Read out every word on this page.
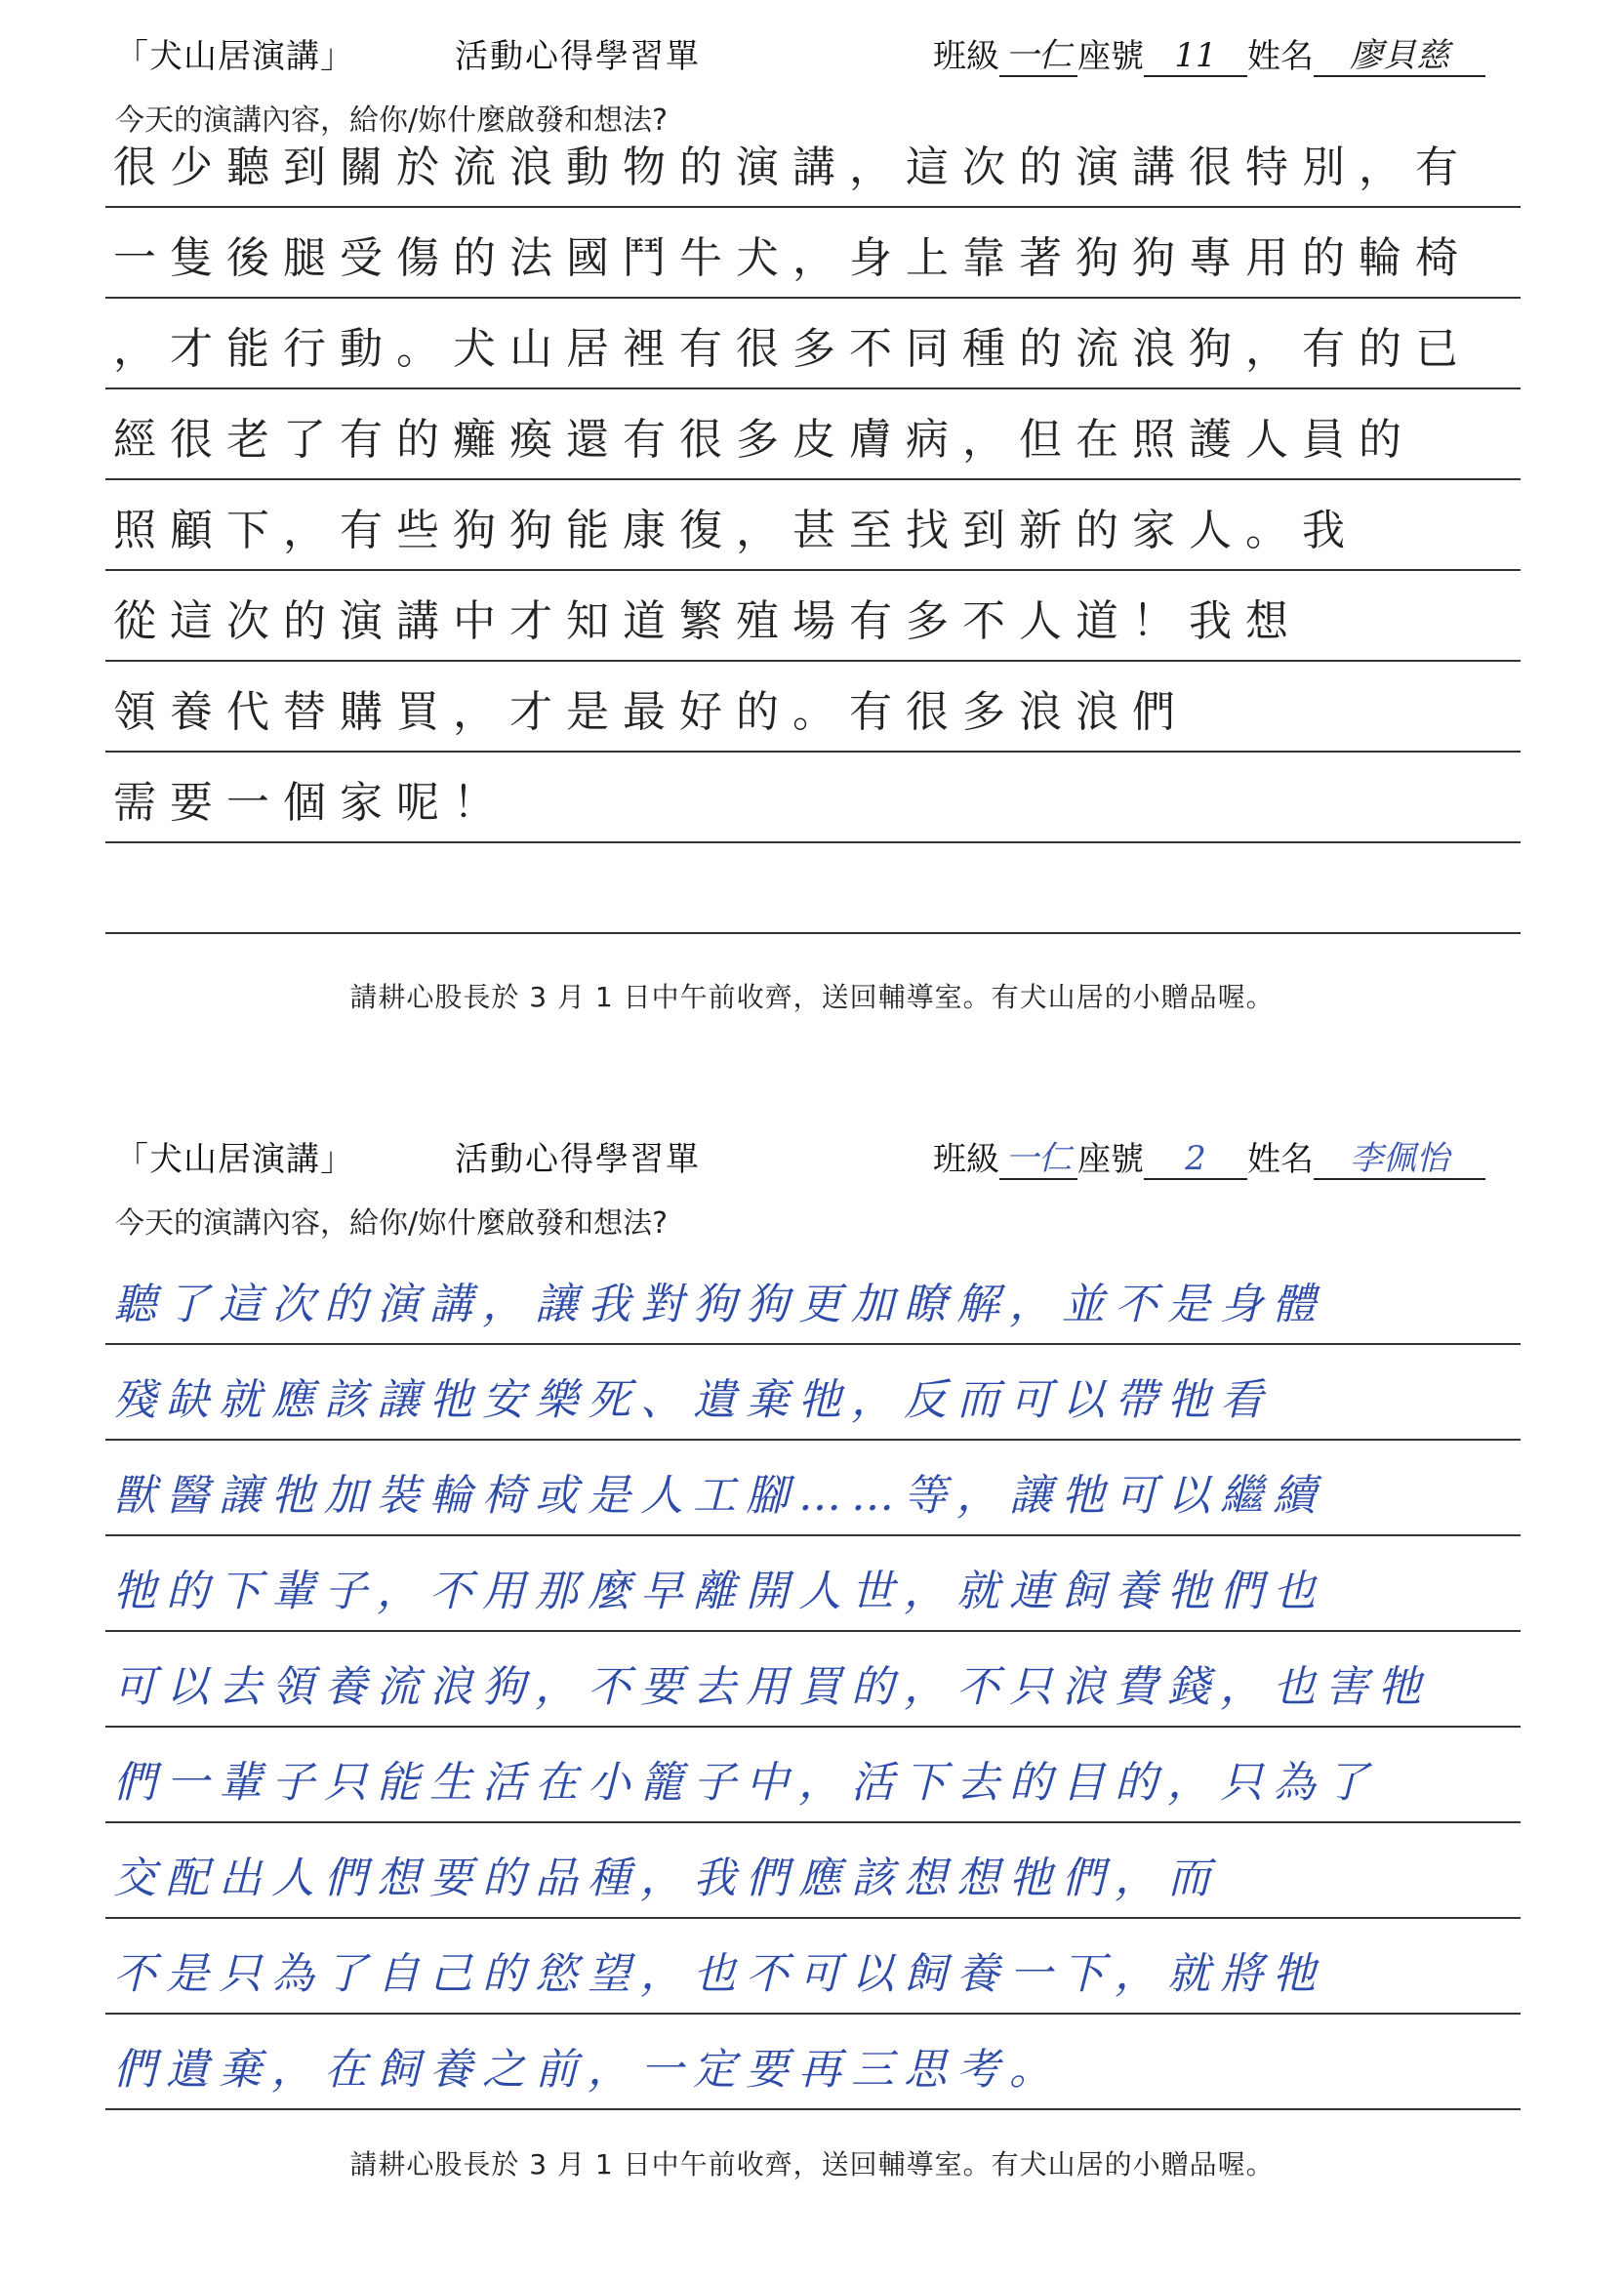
「犬山居演講」	活動心得學習單	班級 一仁 座號 11 姓名 廖貝慈
今天的演講內容，給你/妳什麼啟發和想法?
很少聽到關於流浪動物的演講，這次的演講很特別，有
一隻後腿受傷的法國鬥牛犬，身上靠著狗狗專用的輪椅
，才能行動。犬山居裡有很多不同種的流浪狗，有的已
經很老了有的癱瘓還有很多皮膚病，但在照護人員的
照顧下，有些狗狗能康復，甚至找到新的家人。我
從這次的演講中才知道繁殖場有多不人道！我想
領養代替購買，才是最好的。有很多浪浪們
需要一個家呢！
請耕心股長於 3 月 1 日中午前收齊，送回輔導室。有犬山居的小贈品喔。
「犬山居演講」	活動心得學習單	班級 一仁 座號 2 姓名 李佩怡
今天的演講內容，給你/妳什麼啟發和想法?
聽了這次的演講，讓我對狗狗更加瞭解，並不是身體
殘缺就應該讓牠安樂死、遺棄牠，反而可以帶牠看
獸醫讓牠加裝輪椅或是人工腳……等，讓牠可以繼續
牠的下輩子，不用那麼早離開人世，就連飼養牠們也
可以去領養流浪狗，不要去用買的，不只浪費錢，也害牠
們一輩子只能生活在小籠子中，活下去的目的，只為了
交配出人們想要的品種，我們應該想想牠們，而
不是只為了自己的慾望，也不可以飼養一下，就將牠
們遺棄，在飼養之前，一定要再三思考。
請耕心股長於 3 月 1 日中午前收齊，送回輔導室。有犬山居的小贈品喔。
